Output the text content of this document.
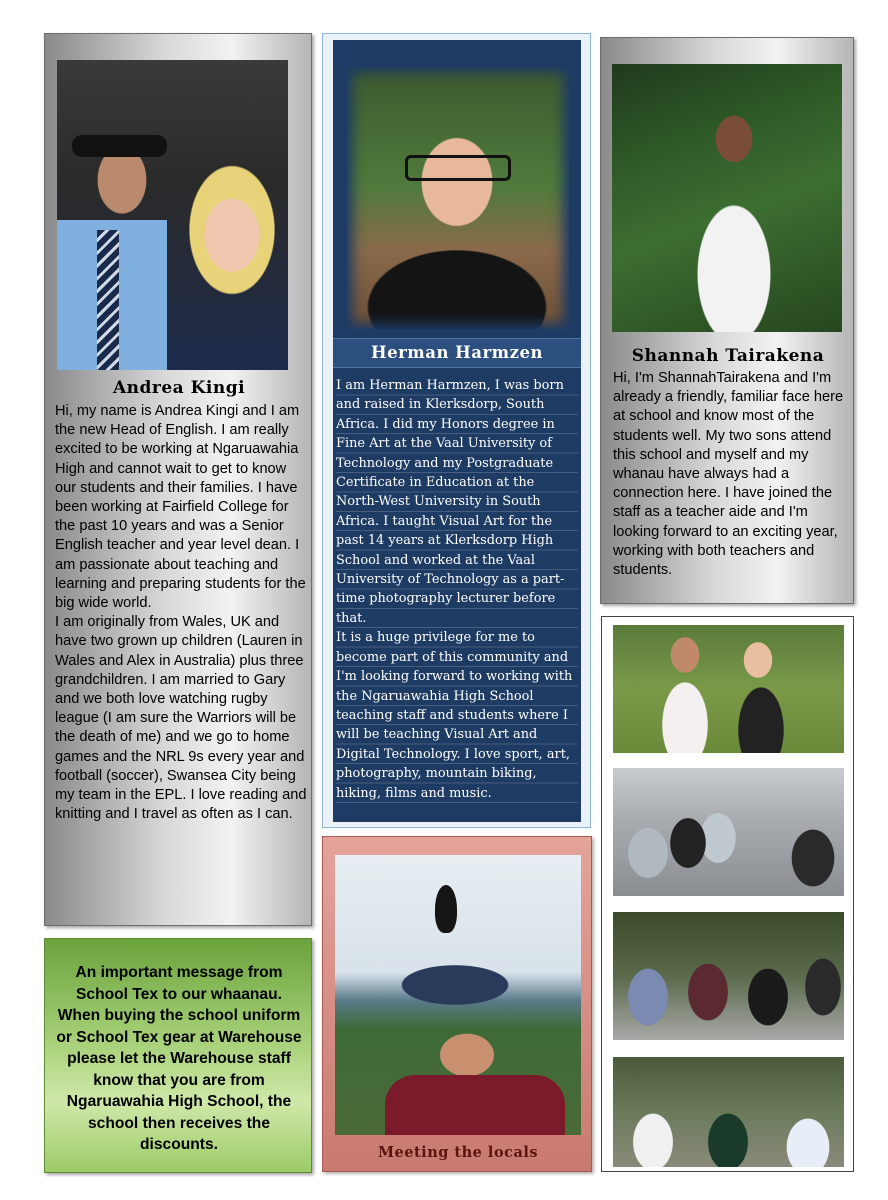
Andrea Kingi

Hi, my name is Andrea Kingi and I am the new Head of English. I am really excited to be working at Ngaruawahia High and cannot wait to get to know our students and their families. I have been working at Fairfield College for the past 10 years and was a Senior English teacher and year level dean. I am passionate about teaching and learning and preparing students for the big wide world.

I am originally from Wales, UK and have two grown up children (Lauren in Wales and Alex in Australia) plus three grandchildren. I am married to Gary and we both love watching rugby league (I am sure the Warriors will be the death of me) and we go to home games and the NRL 9s every year and football (soccer), Swansea City being my team in the EPL. I love reading and knitting and I travel as often as I can.

Herman Harmzen

I am Herman Harmzen, I was born and raised in Klerksdorp, South Africa. I did my Honors degree in Fine Art at the Vaal University of Technology and my Postgraduate Certificate in Education at the North-West University in South Africa. I taught Visual Art for the past 14 years at Klerksdorp High School and worked at the Vaal University of Technology as a part-time photography lecturer before that.

It is a huge privilege for me to become part of this community and I'm looking forward to working with the Ngaruawahia High School teaching staff and students where I will be teaching Visual Art and Digital Technology. I love sport, art, photography, mountain biking, hiking, films and music.

Shannah Tairakena
Hi, I'm ShannahTairakena and I'm already a friendly, familiar face here at school and know most of the students well. My two sons attend this school and myself and my whanau have always had a connection here. I have joined the staff as a teacher aide and I'm looking forward to an exciting year, working with both teachers and students.
An important message from School Tex to our whaanau. When buying the school uniform or School Tex gear at Warehouse please let the Warehouse staff know that you are from Ngaruawahia High School, the school then receives the discounts.	Meeting the locals
